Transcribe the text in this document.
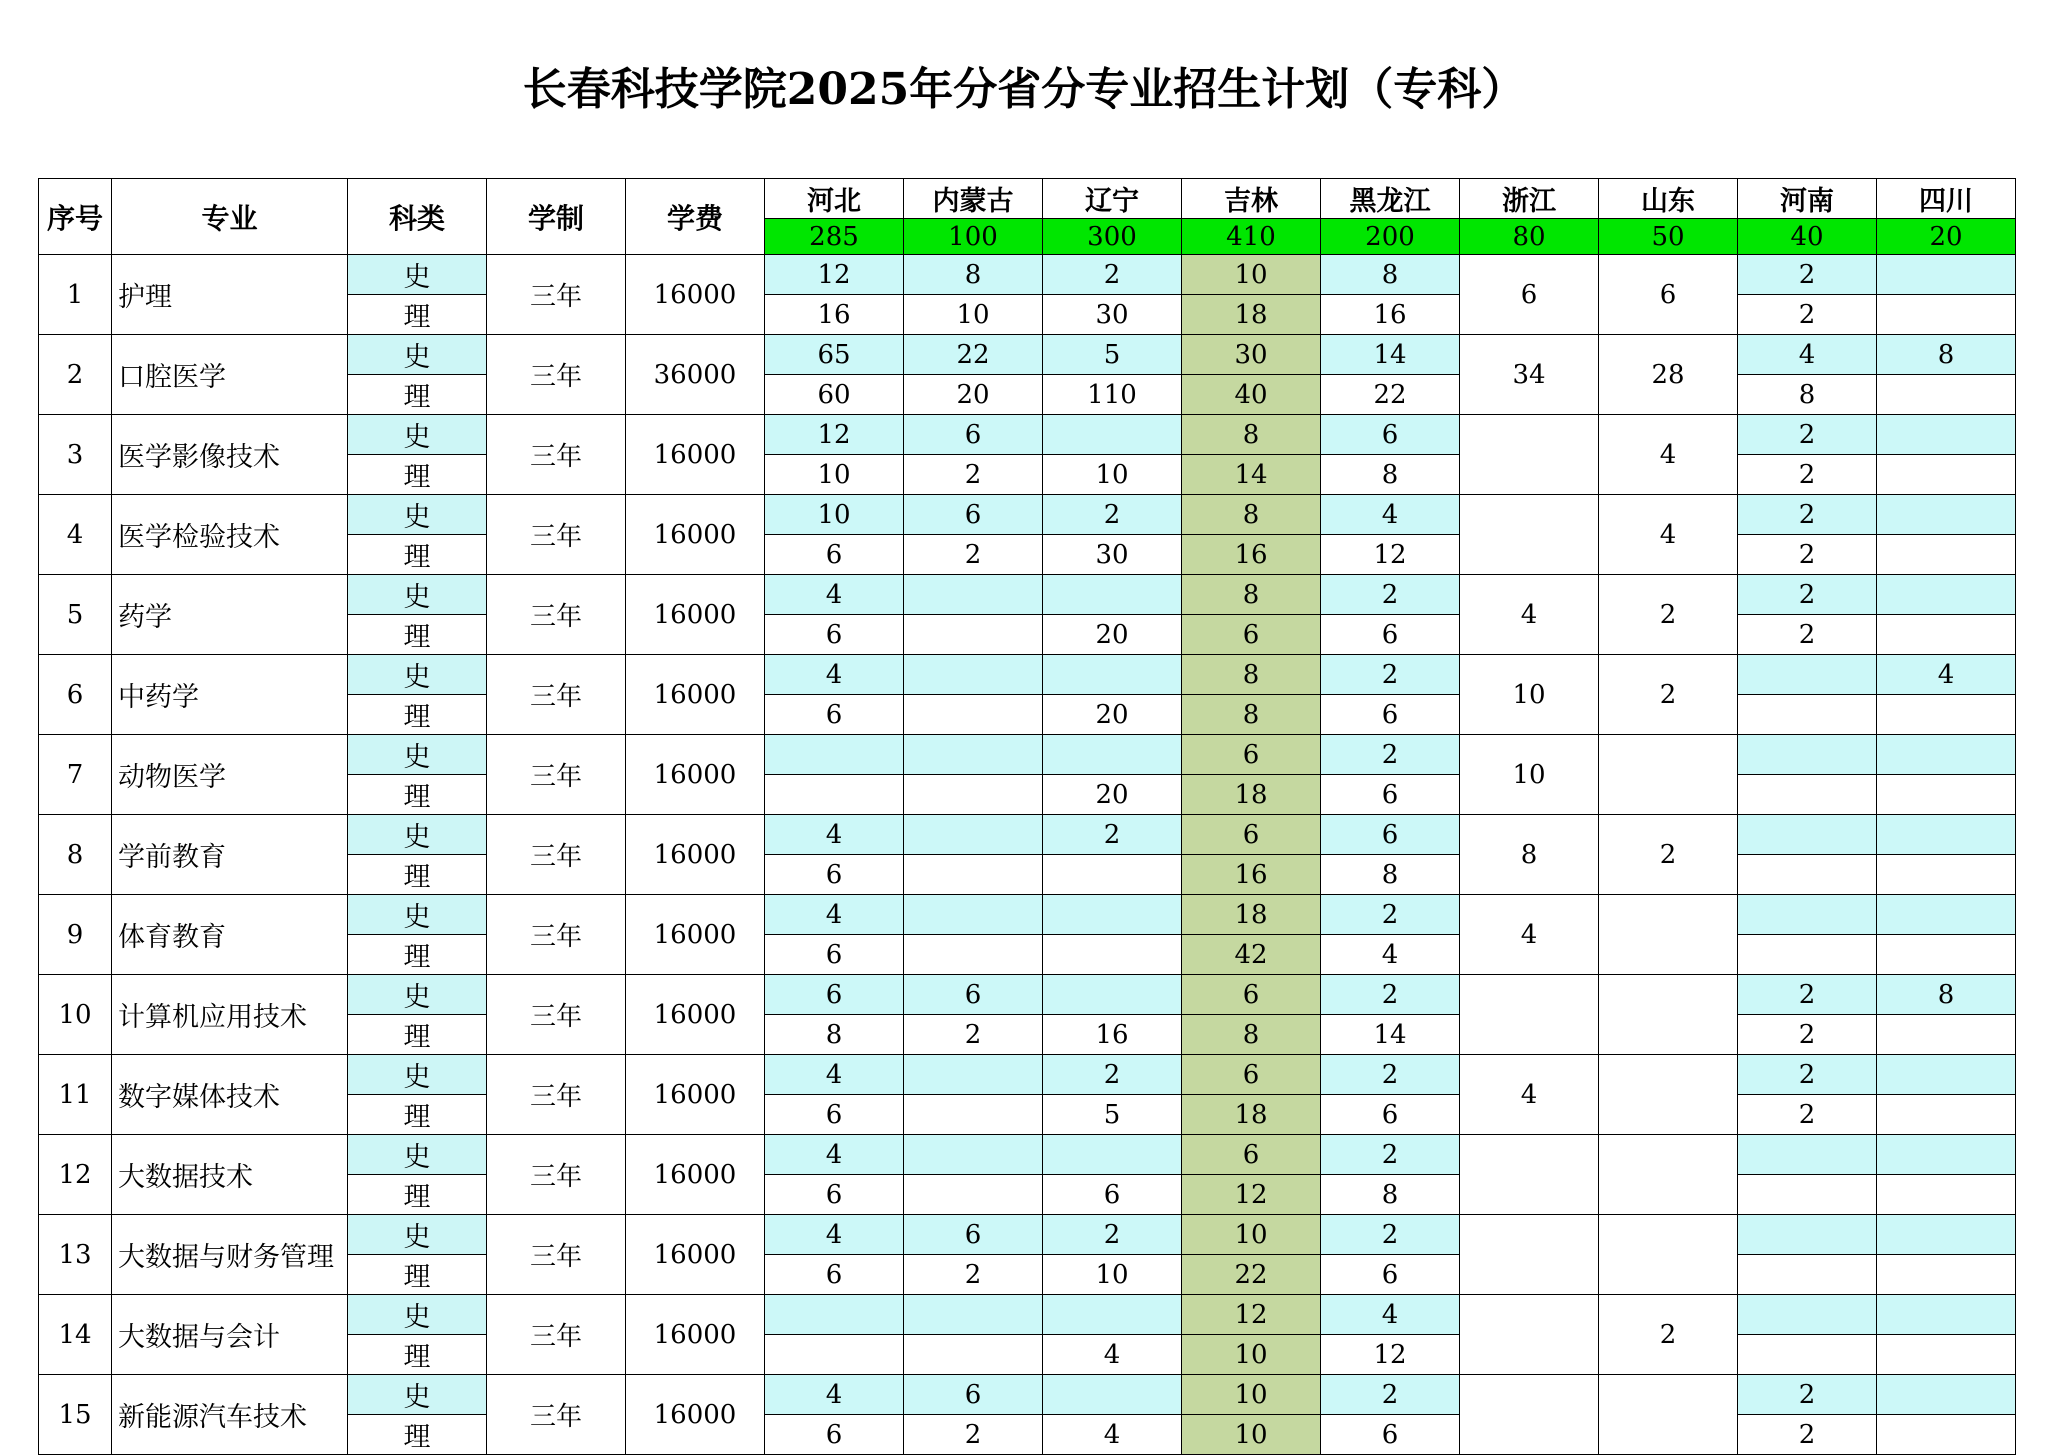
长春科技学院2025年分省分专业招生计划（专科）
序号	专业	科类	学制	学费	河北	内蒙古	辽宁	吉林	黑龙江	浙江	山东	河南	四川
					285	100	300	410	200	80	50	40	20
1	护理	史	三年	16000	12	8	2	10	8	6	6	2	
		理			16	10	30	18	16			2	
2	口腔医学	史	三年	36000	65	22	5	30	14	34	28	4	8
		理			60	20	110	40	22			8	
3	医学影像技术	史	三年	16000	12	6		8	6		4	2	
		理			10	2	10	14	8			2	
4	医学检验技术	史	三年	16000	10	6	2	8	4		4	2	
		理			6	2	30	16	12			2	
5	药学	史	三年	16000	4			8	2	4	2	2	
		理			6		20	6	6			2	
6	中药学	史	三年	16000	4			8	2	10	2		4
		理			6		20	8	6				
7	动物医学	史	三年	16000				6	2	10			
		理					20	18	6				
8	学前教育	史	三年	16000	4		2	6	6	8	2		
		理			6			16	8				
9	体育教育	史	三年	16000	4			18	2	4			
		理			6			42	4				
10	计算机应用技术	史	三年	16000	6	6		6	2			2	8
		理			8	2	16	8	14			2	
11	数字媒体技术	史	三年	16000	4		2	6	2	4		2	
		理			6		5	18	6			2	
12	大数据技术	史	三年	16000	4			6	2				
		理			6		6	12	8				
13	大数据与财务管理	史	三年	16000	4	6	2	10	2				
		理			6	2	10	22	6				
14	大数据与会计	史	三年	16000				12	4		2		
		理					4	10	12				
15	新能源汽车技术	史	三年	16000	4	6		10	2			2	
		理			6	2	4	10	6			2	
